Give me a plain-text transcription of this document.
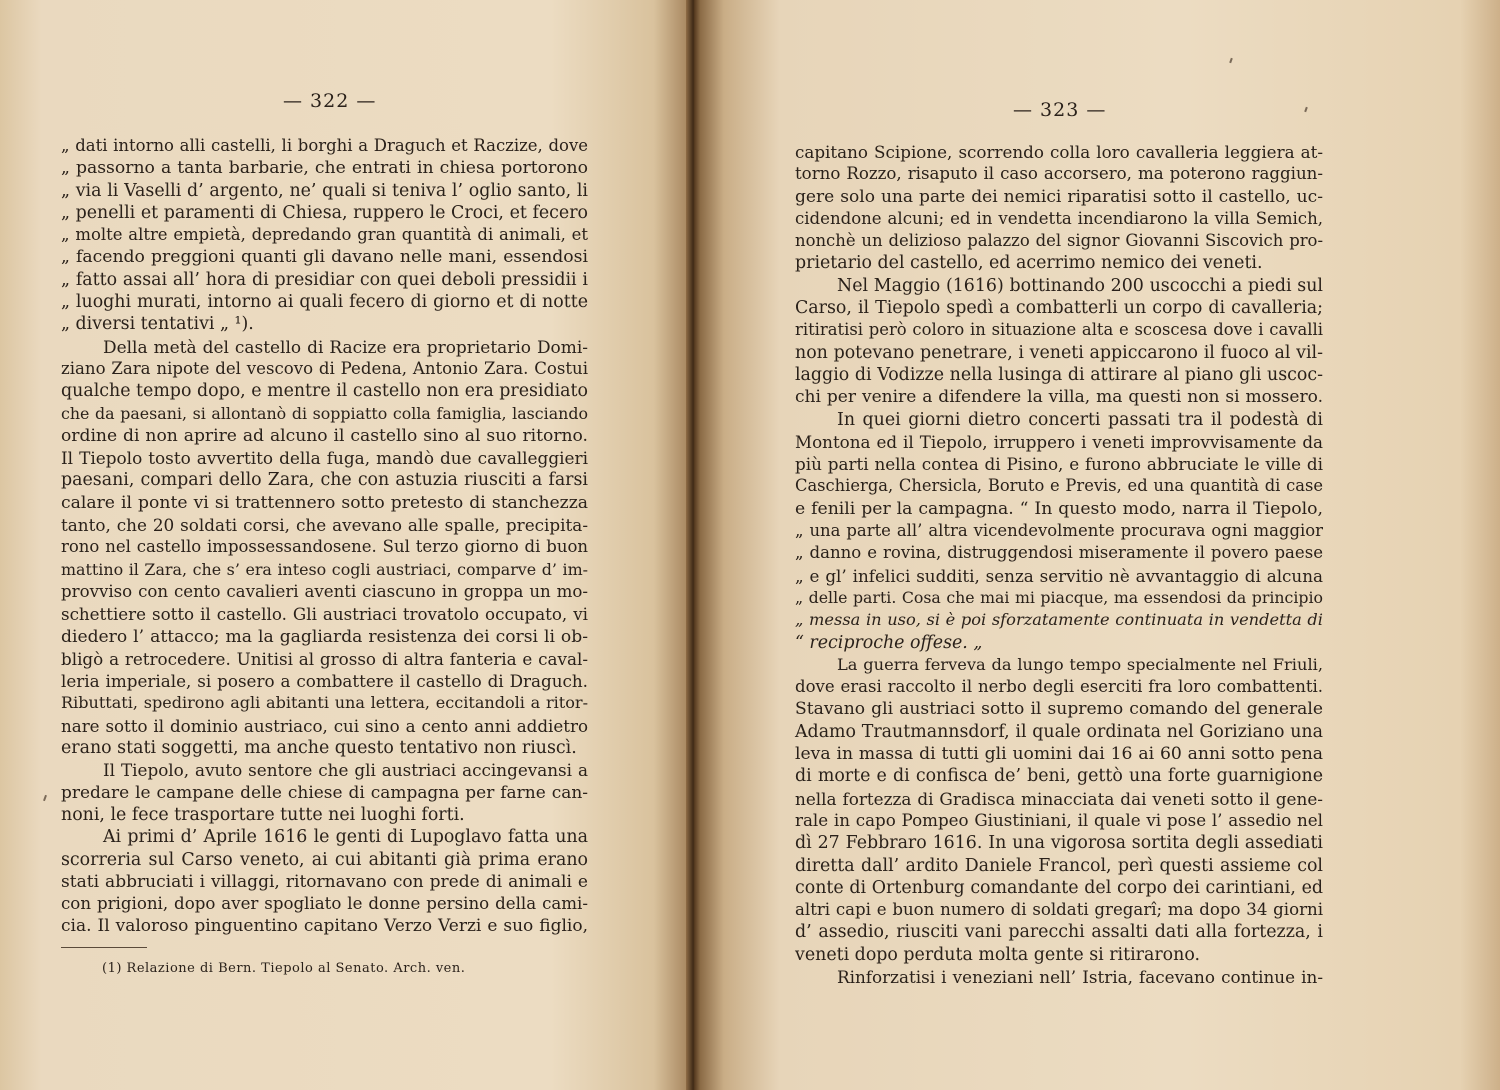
— 322 —
„ dati intorno alli castelli, li borghi a Draguch et Raczize, dove
„ passorno a tanta barbarie, che entrati in chiesa portorono
„ via li Vaselli d’ argento, ne’ quali si teniva l’ oglio santo, li
„ penelli et paramenti di Chiesa, ruppero le Croci, et fecero
„ molte altre empietà, depredando gran quantità di animali, et
„ facendo preggioni quanti gli davano nelle mani, essendosi
„ fatto assai all’ hora di presidiar con quei deboli pressidii i
„ luoghi murati, intorno ai quali fecero di giorno et di notte
„ diversi tentativi „ ¹).
Della metà del castello di Racize era proprietario Domi-
ziano Zara nipote del vescovo di Pedena, Antonio Zara. Costui
qualche tempo dopo, e mentre il castello non era presidiato
che da paesani, si allontanò di soppiatto colla famiglia, lasciando
ordine di non aprire ad alcuno il castello sino al suo ritorno.
Il Tiepolo tosto avvertito della fuga, mandò due cavalleggieri
paesani, compari dello Zara, che con astuzia riusciti a farsi
calare il ponte vi si trattennero sotto pretesto di stanchezza
tanto, che 20 soldati corsi, che avevano alle spalle, precipita-
rono nel castello impossessandosene. Sul terzo giorno di buon
mattino il Zara, che s’ era inteso cogli austriaci, comparve d’ im-
provviso con cento cavalieri aventi ciascuno in groppa un mo-
schettiere sotto il castello. Gli austriaci trovatolo occupato, vi
diedero l’ attacco; ma la gagliarda resistenza dei corsi li ob-
bligò a retrocedere. Unitisi al grosso di altra fanteria e caval-
leria imperiale, si posero a combattere il castello di Draguch.
Ributtati, spedirono agli abitanti una lettera, eccitandoli a ritor-
nare sotto il dominio austriaco, cui sino a cento anni addietro
erano stati soggetti, ma anche questo tentativo non riuscì.
Il Tiepolo, avuto sentore che gli austriaci accingevansi a
predare le campane delle chiese di campagna per farne can-
noni, le fece trasportare tutte nei luoghi forti.
Ai primi d’ Aprile 1616 le genti di Lupoglavo fatta una
scorreria sul Carso veneto, ai cui abitanti già prima erano
stati abbruciati i villaggi, ritornavano con prede di animali e
con prigioni, dopo aver spogliato le donne persino della cami-
cia. Il valoroso pinguentino capitano Verzo Verzi e suo figlio,
(1) Relazione di Bern. Tiepolo al Senato. Arch. ven.
— 323 —
capitano Scipione, scorrendo colla loro cavalleria leggiera at-
torno Rozzo, risaputo il caso accorsero, ma poterono raggiun-
gere solo una parte dei nemici riparatisi sotto il castello, uc-
cidendone alcuni; ed in vendetta incendiarono la villa Semich,
nonchè un delizioso palazzo del signor Giovanni Siscovich pro-
prietario del castello, ed acerrimo nemico dei veneti.
Nel Maggio (1616) bottinando 200 uscocchi a piedi sul
Carso, il Tiepolo spedì a combatterli un corpo di cavalleria;
ritiratisi però coloro in situazione alta e scoscesa dove i cavalli
non potevano penetrare, i veneti appiccarono il fuoco al vil-
laggio di Vodizze nella lusinga di attirare al piano gli uscoc-
chi per venire a difendere la villa, ma questi non si mossero.
In quei giorni dietro concerti passati tra il podestà di
Montona ed il Tiepolo, irruppero i veneti improvvisamente da
più parti nella contea di Pisino, e furono abbruciate le ville di
Caschierga, Chersicla, Boruto e Previs, ed una quantità di case
e fenili per la campagna. “ In questo modo, narra il Tiepolo,
„ una parte all’ altra vicendevolmente procurava ogni maggior
„ danno e rovina, distruggendosi miseramente il povero paese
„ e gl’ infelici sudditi, senza servitio nè avvantaggio di alcuna
„ delle parti. Cosa che mai mi piacque, ma essendosi da principio
„ messa in uso, si è poi sforzatamente continuata in vendetta di
“ reciproche offese. „
La guerra ferveva da lungo tempo specialmente nel Friuli,
dove erasi raccolto il nerbo degli eserciti fra loro combattenti.
Stavano gli austriaci sotto il supremo comando del generale
Adamo Trautmannsdorf, il quale ordinata nel Goriziano una
leva in massa di tutti gli uomini dai 16 ai 60 anni sotto pena
di morte e di confisca de’ beni, gettò una forte guarnigione
nella fortezza di Gradisca minacciata dai veneti sotto il gene-
rale in capo Pompeo Giustiniani, il quale vi pose l’ assedio nel
dì 27 Febbraro 1616. In una vigorosa sortita degli assediati
diretta dall’ ardito Daniele Francol, perì questi assieme col
conte di Ortenburg comandante del corpo dei carintiani, ed
altri capi e buon numero di soldati gregarî; ma dopo 34 giorni
d’ assedio, riusciti vani parecchi assalti dati alla fortezza, i
veneti dopo perduta molta gente si ritirarono.
Rinforzatisi i veneziani nell’ Istria, facevano continue in-
